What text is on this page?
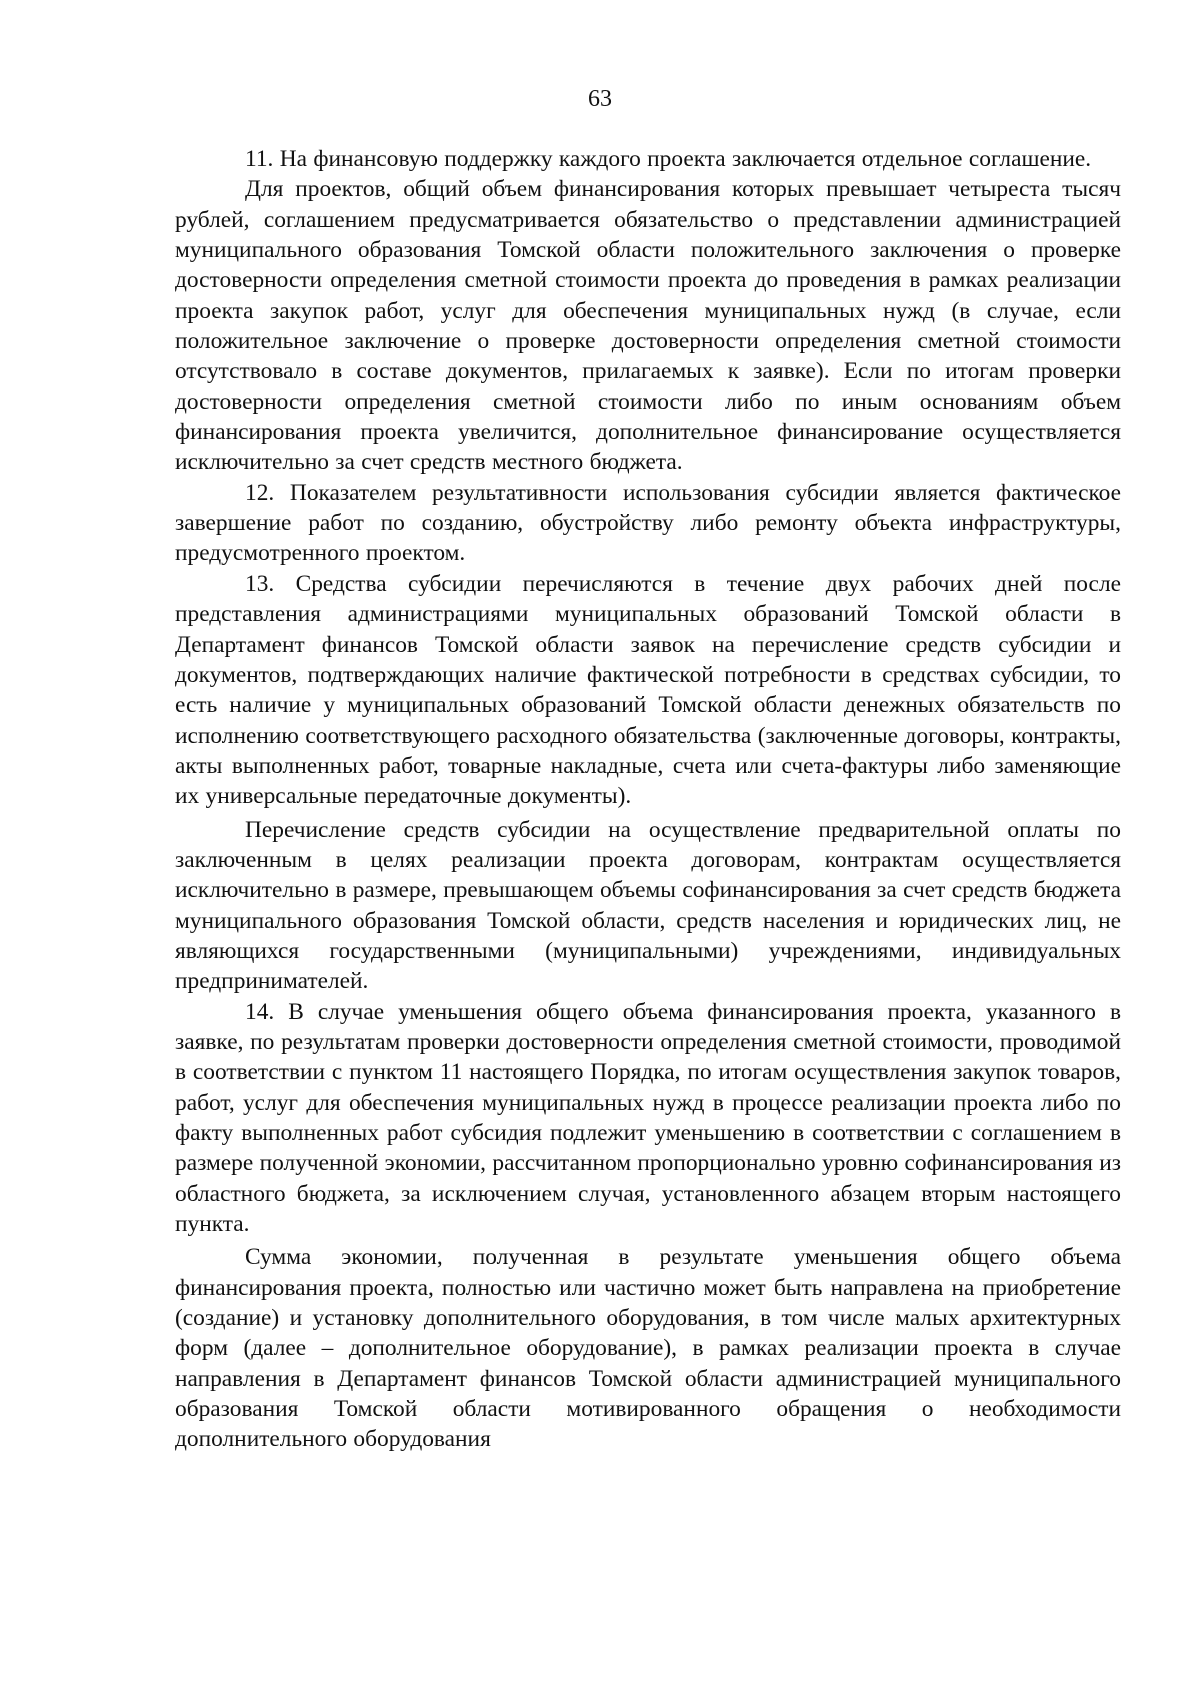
63

11. На финансовую поддержку каждого проекта заключается отдельное соглашение.

Для проектов, общий объем финансирования которых превышает четыреста тысяч рублей, соглашением предусматривается обязательство о представлении администрацией муниципального образования Томской области положительного заключения о проверке достоверности определения сметной стоимости проекта до проведения в рамках реализации проекта закупок работ, услуг для обеспечения муниципальных нужд (в случае, если положительное заключение о проверке достоверности определения сметной стоимости отсутствовало в составе документов, прилагаемых к заявке). Если по итогам проверки достоверности определения сметной стоимости либо по иным основаниям объем финансирования проекта увеличится, дополнительное финансирование осуществляется исключительно за счет средств местного бюджета.

12. Показателем результативности использования субсидии является фактическое завершение работ по созданию, обустройству либо ремонту объекта инфраструктуры, предусмотренного проектом.

13. Средства субсидии перечисляются в течение двух рабочих дней после представления администрациями муниципальных образований Томской области в Департамент финансов Томской области заявок на перечисление средств субсидии и документов, подтверждающих наличие фактической потребности в средствах субсидии, то есть наличие у муниципальных образований Томской области денежных обязательств по исполнению соответствующего расходного обязательства (заключенные договоры, контракты, акты выполненных работ, товарные накладные, счета или счета-фактуры либо заменяющие их универсальные передаточные документы).

Перечисление средств субсидии на осуществление предварительной оплаты по заключенным в целях реализации проекта договорам, контрактам осуществляется исключительно в размере, превышающем объемы софинансирования за счет средств бюджета муниципального образования Томской области, средств населения и юридических лиц, не являющихся государственными (муниципальными) учреждениями, индивидуальных предпринимателей.

14. В случае уменьшения общего объема финансирования проекта, указанного в заявке, по результатам проверки достоверности определения сметной стоимости, проводимой в соответствии с пунктом 11 настоящего Порядка, по итогам осуществления закупок товаров, работ, услуг для обеспечения муниципальных нужд в процессе реализации проекта либо по факту выполненных работ субсидия подлежит уменьшению в соответствии с соглашением в размере полученной экономии, рассчитанном пропорционально уровню софинансирования из областного бюджета, за исключением случая, установленного абзацем вторым настоящего пункта.

Сумма экономии, полученная в результате уменьшения общего объема финансирования проекта, полностью или частично может быть направлена на приобретение (создание) и установку дополнительного оборудования, в том числе малых архитектурных форм (далее – дополнительное оборудование), в рамках реализации проекта в случае направления в Департамент финансов Томской области администрацией муниципального образования Томской области мотивированного обращения о необходимости дополнительного оборудования
